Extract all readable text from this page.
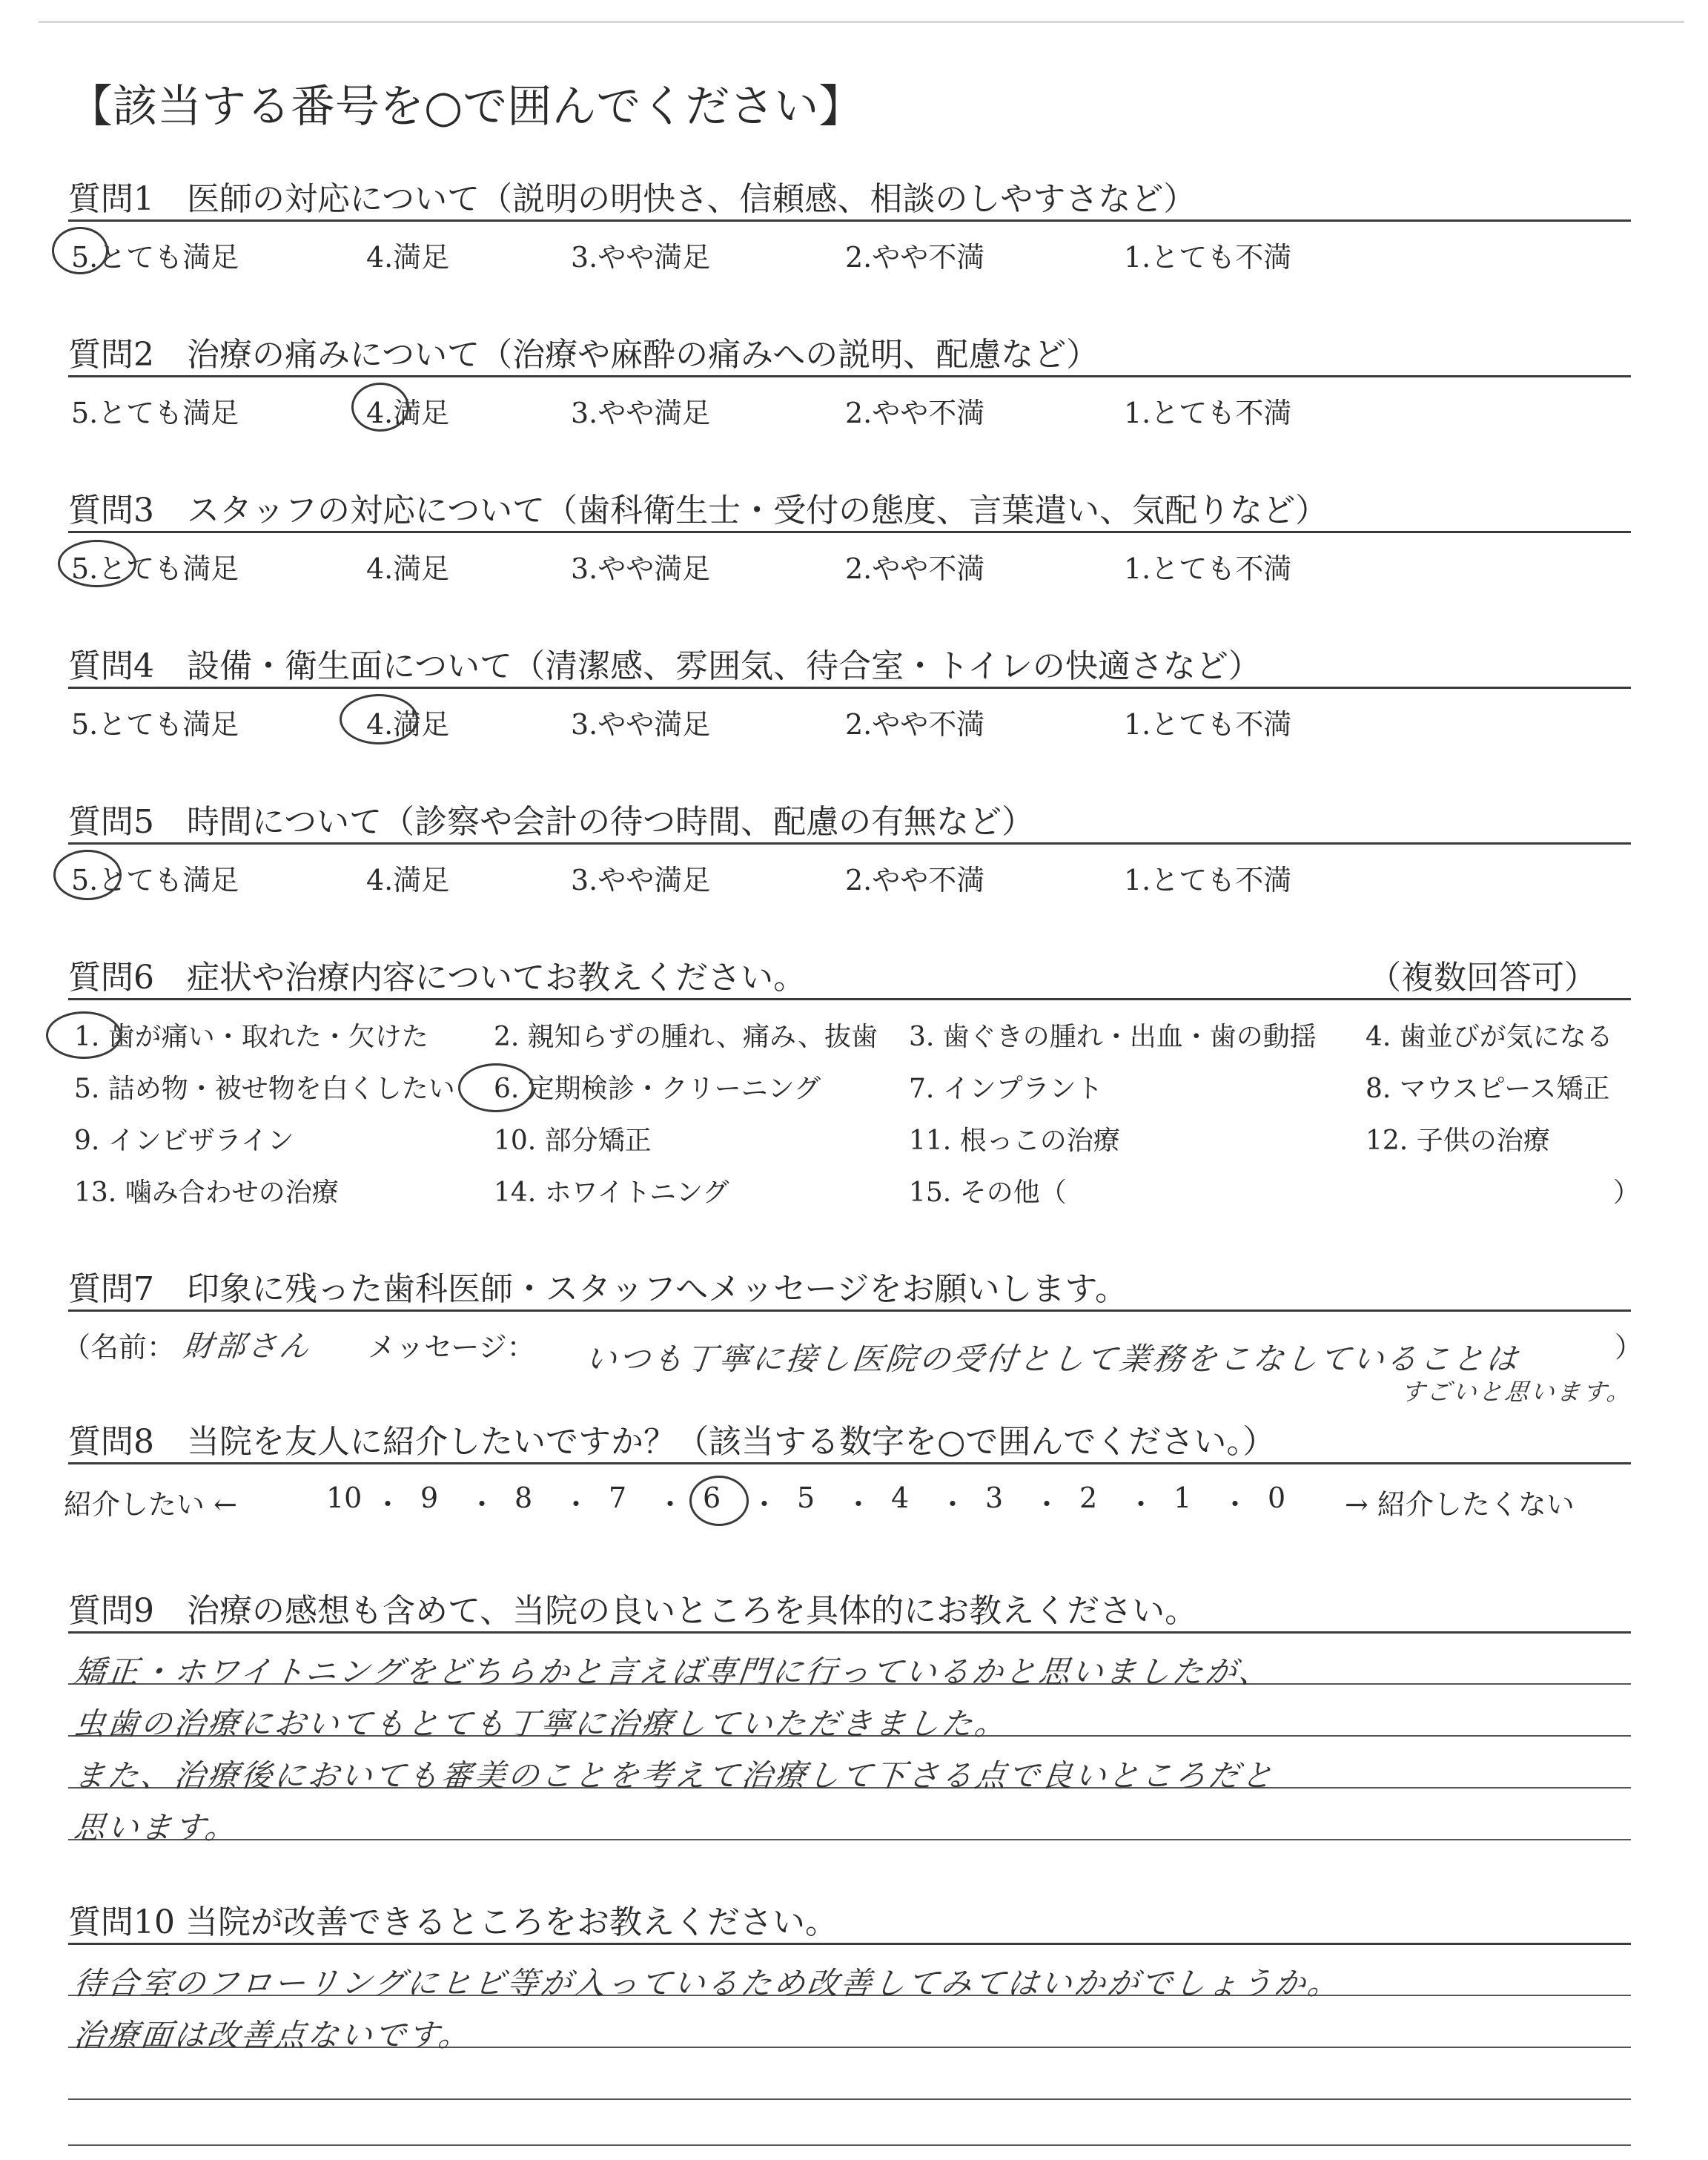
【該当する番号を○で囲んでください】
質問1　医師の対応について（説明の明快さ、信頼感、相談のしやすさなど）
5.とても満足	4.満足	3.やや満足	2.やや不満	1.とても不満
質問2　治療の痛みについて（治療や麻酔の痛みへの説明、配慮など）
5.とても満足	4.満足	3.やや満足	2.やや不満	1.とても不満
質問3　スタッフの対応について（歯科衛生士・受付の態度、言葉遣い、気配りなど）
5.とても満足	4.満足	3.やや満足	2.やや不満	1.とても不満
質問4　設備・衛生面について（清潔感、雰囲気、待合室・トイレの快適さなど）
5.とても満足	4.満足	3.やや満足	2.やや不満	1.とても不満
質問5　時間について（診察や会計の待つ時間、配慮の有無など）
5.とても満足	4.満足	3.やや満足	2.やや不満	1.とても不満
質問6　症状や治療内容についてお教えください。	（複数回答可）
1. 歯が痛い・取れた・欠けた 2. 親知らずの腫れ、痛み、抜歯 3. 歯ぐきの腫れ・出血・歯の動揺 4. 歯並びが気になる
5. 詰め物・被せ物を白くしたい 6. 定期検診・クリーニング	7. インプラント	8. マウスピース矯正
9. インビザライン	10. 部分矯正	11. 根っこの治療	12. 子供の治療
13. 噛み合わせの治療	14. ホワイトニング	15. その他（	）
質問7　印象に残った歯科医師・スタッフへメッセージをお願いします。
（名前： 財部さん メッセージ： いつも丁寧に接し医院の受付として業務をこなしていることは
すごいと思います。
）
質問8　当院を友人に紹介したいですか？（該当する数字を○で囲んでください。）
紹介したい ←	10 ・ 9 ・ 8 ・ 7 ・ 6 ・ 5 ・ 4 ・ 3 ・ 2 ・ 1 ・ 0 → 紹介したくない
質問9　治療の感想も含めて、当院の良いところを具体的にお教えください。
矯正・ホワイトニングをどちらかと言えば専門に行っているかと思いましたが、
虫歯の治療においてもとても丁寧に治療していただきました。
また、治療後においても審美のことを考えて治療して下さる点で良いところだと
思います。
質問10 当院が改善できるところをお教えください。
待合室のフローリングにヒビ等が入っているため改善してみてはいかがでしょうか。
治療面は改善点ないです。
